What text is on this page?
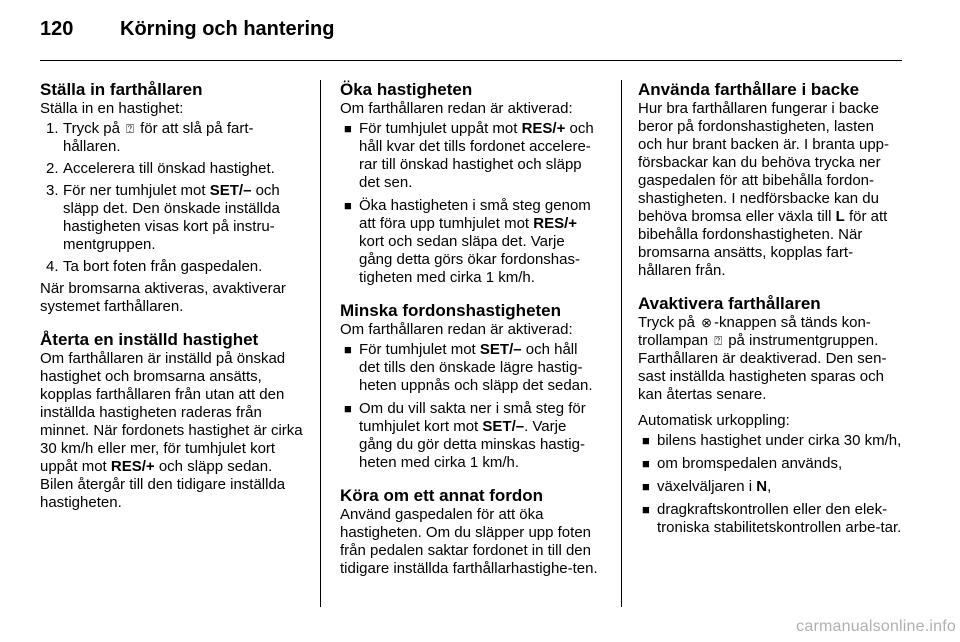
120 Körning och hantering
Ställa in farthållaren

Ställa in en hastighet:

1. Tryck på ⍰ för att slå på fart-hållaren.
2. Accelerera till önskad hastighet.
3. För ner tumhjulet mot SET/– och släpp det. Den önskade inställda hastigheten visas kort på instru-mentgruppen.
4. Ta bort foten från gaspedalen.

När bromsarna aktiveras, avaktiverar systemet farthållaren.

Återta en inställd hastighet

Om farthållaren är inställd på önskad hastighet och bromsarna ansätts, kopplas farthållaren från utan att den inställda hastigheten raderas från minnet. När fordonets hastighet är cirka 30 km/h eller mer, för tumhjulet kort uppåt mot RES/+ och släpp sedan. Bilen återgår till den tidigare inställda hastigheten.

Öka hastigheten

Om farthållaren redan är aktiverad:

■ För tumhjulet uppåt mot RES/+ och håll kvar det tills fordonet accelere-rar till önskad hastighet och släpp det sen.
■ Öka hastigheten i små steg genom att föra upp tumhjulet mot RES/+ kort och sedan släpa det. Varje gång detta görs ökar fordonshas-tigheten med cirka 1 km/h.
Minska fordonshastigheten

Om farthållaren redan är aktiverad:

■ För tumhjulet mot SET/– och håll det tills den önskade lägre hastig-heten uppnås och släpp det sedan.
■ Om du vill sakta ner i små steg för tumhjulet kort mot SET/–. Varje gång du gör detta minskas hastig-heten med cirka 1 km/h.
Köra om ett annat fordon

Använd gaspedalen för att öka hastigheten. Om du släpper upp foten från pedalen saktar fordonet in till den tidigare inställda farthållarhastighe-ten.

Använda farthållare i backe

Hur bra farthållaren fungerar i backe beror på fordonshastigheten, lasten och hur brant backen är. I branta upp-försbackar kan du behöva trycka ner gaspedalen för att bibehålla fordon-shastigheten. I nedförsbacke kan du behöva bromsa eller växla till L för att bibehålla fordonshastigheten. När bromsarna ansätts, kopplas fart-hållaren från.

Avaktivera farthållaren

Tryck på ⊗ -knappen så tänds kon-trollampan ⍰ på instrumentgruppen. Farthållaren är deaktiverad. Den sen-sast inställda hastigheten sparas och kan återtas senare.

Automatisk urkoppling:

■ bilens hastighet under cirka 30 km/h,
■ om bromspedalen används,
■ växelväljaren i N,
■ dragkraftskontrollen eller den elek-troniska stabilitetskontrollen arbe-tar.
carmanualsonline.info
